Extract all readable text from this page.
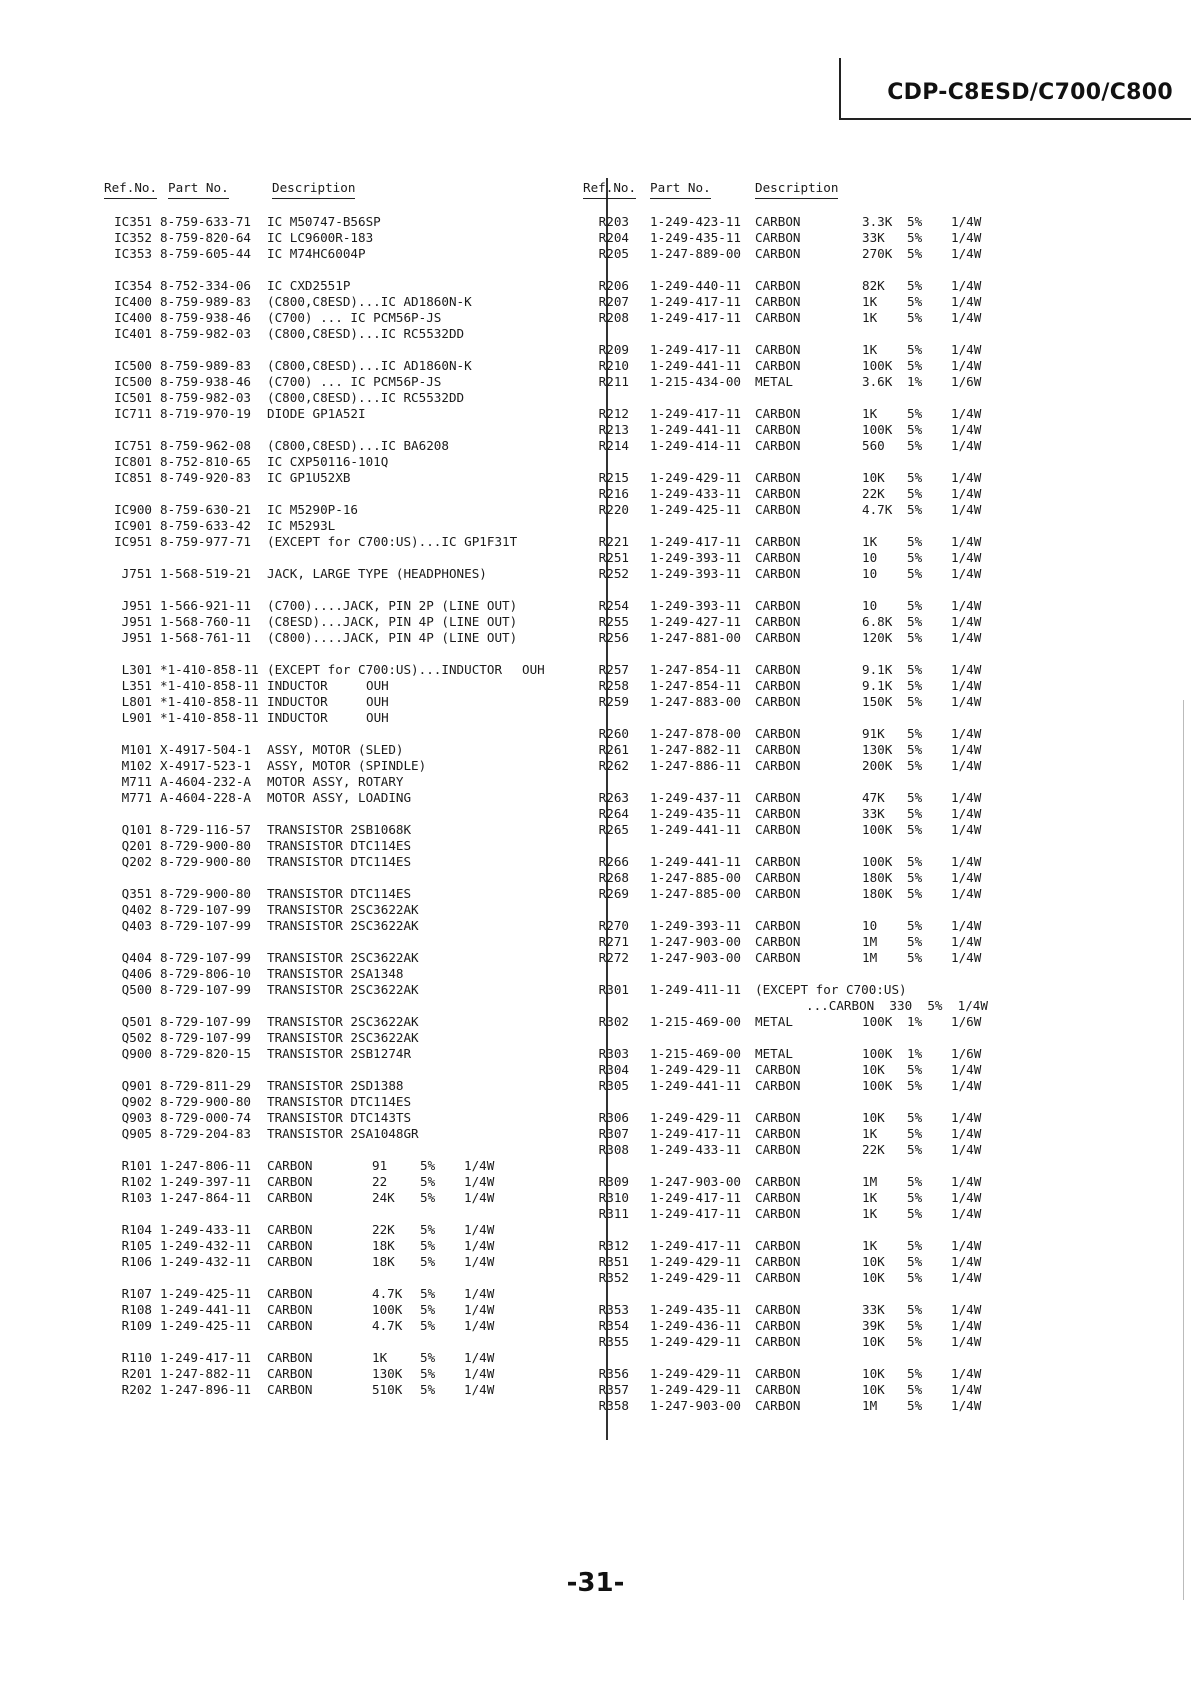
CDP-C8ESD/C700/C800
Ref.No. Part No.	Description
IC351 8-759-633-71 IC M50747-B56SP
IC352 8-759-820-64 IC LC9600R-183
IC353 8-759-605-44 IC M74HC6004P
IC354 8-752-334-06 IC CXD2551P
IC400 8-759-989-83 (C800,C8ESD)...IC AD1860N-K
IC400 8-759-938-46 (C700) ... IC PCM56P-JS
IC401 8-759-982-03 (C800,C8ESD)...IC RC5532DD
IC500 8-759-989-83 (C800,C8ESD)...IC AD1860N-K
IC500 8-759-938-46 (C700) ... IC PCM56P-JS
IC501 8-759-982-03 (C800,C8ESD)...IC RC5532DD
IC711 8-719-970-19 DIODE GP1A52I
IC751 8-759-962-08 (C800,C8ESD)...IC BA6208
IC801 8-752-810-65 IC CXP50116-101Q
IC851 8-749-920-83 IC GP1U52XB
IC900 8-759-630-21 IC M5290P-16
IC901 8-759-633-42 IC M5293L
IC951 8-759-977-71 (EXCEPT for C700:US)...IC GP1F31T
J751 1-568-519-21 JACK, LARGE TYPE (HEADPHONES)
J951 1-566-921-11 (C700)....JACK, PIN 2P (LINE OUT)
J951 1-568-760-11 (C8ESD)...JACK, PIN 4P (LINE OUT)
J951 1-568-761-11 (C800)....JACK, PIN 4P (LINE OUT)
L301 *1-410-858-11 (EXCEPT for C700:US)...INDUCTOR OUH
L351 *1-410-858-11 INDUCTOR	OUH
L801 *1-410-858-11 INDUCTOR	OUH
L901 *1-410-858-11 INDUCTOR	OUH
M101 X-4917-504-1 ASSY, MOTOR (SLED)
M102 X-4917-523-1 ASSY, MOTOR (SPINDLE)
M711 A-4604-232-A MOTOR ASSY, ROTARY
M771 A-4604-228-A MOTOR ASSY, LOADING
Q101 8-729-116-57 TRANSISTOR 2SB1068K
Q201 8-729-900-80 TRANSISTOR DTC114ES
Q202 8-729-900-80 TRANSISTOR DTC114ES
Q351 8-729-900-80 TRANSISTOR DTC114ES
Q402 8-729-107-99 TRANSISTOR 2SC3622AK
Q403 8-729-107-99 TRANSISTOR 2SC3622AK
Q404 8-729-107-99 TRANSISTOR 2SC3622AK
Q406 8-729-806-10 TRANSISTOR 2SA1348
Q500 8-729-107-99 TRANSISTOR 2SC3622AK
Q501 8-729-107-99 TRANSISTOR 2SC3622AK
Q502 8-729-107-99 TRANSISTOR 2SC3622AK
Q900 8-729-820-15 TRANSISTOR 2SB1274R
Q901 8-729-811-29 TRANSISTOR 2SD1388
Q902 8-729-900-80 TRANSISTOR DTC114ES
Q903 8-729-000-74 TRANSISTOR DTC143TS
Q905 8-729-204-83 TRANSISTOR 2SA1048GR
R101 1-247-806-11 CARBON	91	5% 1/4W
R102 1-249-397-11 CARBON	22	5% 1/4W
R103 1-247-864-11 CARBON	24K 5% 1/4W
R104 1-249-433-11 CARBON	22K 5% 1/4W
R105 1-249-432-11 CARBON	18K 5% 1/4W
R106 1-249-432-11 CARBON	18K 5% 1/4W
R107 1-249-425-11 CARBON	4.7K 5% 1/4W
R108 1-249-441-11 CARBON	100K 5% 1/4W
R109 1-249-425-11 CARBON	4.7K 5% 1/4W
R110 1-249-417-11 CARBON	1K	5% 1/4W
R201 1-247-882-11 CARBON	130K 5% 1/4W
R202 1-247-896-11 CARBON	510K 5% 1/4W
Ref.No. Part No.	Description
R203 1-249-423-11 CARBON	3.3K 5% 1/4W
R204 1-249-435-11 CARBON	33K 5% 1/4W
R205 1-247-889-00 CARBON	270K 5% 1/4W
R206 1-249-440-11 CARBON	82K 5% 1/4W
R207 1-249-417-11 CARBON	1K 5% 1/4W
R208 1-249-417-11 CARBON	1K 5% 1/4W
R209 1-249-417-11 CARBON	1K 5% 1/4W
R210 1-249-441-11 CARBON	100K 5% 1/4W
R211 1-215-434-00 METAL	3.6K 1% 1/6W
R212 1-249-417-11 CARBON	1K 5% 1/4W
R213 1-249-441-11 CARBON	100K 5% 1/4W
R214 1-249-414-11 CARBON	560 5% 1/4W
R215 1-249-429-11 CARBON	10K 5% 1/4W
R216 1-249-433-11 CARBON	22K 5% 1/4W
R220 1-249-425-11 CARBON	4.7K 5% 1/4W
R221 1-249-417-11 CARBON	1K 5% 1/4W
R251 1-249-393-11 CARBON	10 5% 1/4W
R252 1-249-393-11 CARBON	10 5% 1/4W
R254 1-249-393-11 CARBON	10 5% 1/4W
R255 1-249-427-11 CARBON	6.8K 5% 1/4W
R256 1-247-881-00 CARBON	120K 5% 1/4W
R257 1-247-854-11 CARBON	9.1K 5% 1/4W
R258 1-247-854-11 CARBON	9.1K 5% 1/4W
R259 1-247-883-00 CARBON	150K 5% 1/4W
R260 1-247-878-00 CARBON	91K 5% 1/4W
R261 1-247-882-11 CARBON	130K 5% 1/4W
R262 1-247-886-11 CARBON	200K 5% 1/4W
R263 1-249-437-11 CARBON	47K 5% 1/4W
R264 1-249-435-11 CARBON	33K 5% 1/4W
R265 1-249-441-11 CARBON	100K 5% 1/4W
R266 1-249-441-11 CARBON	100K 5% 1/4W
R268 1-247-885-00 CARBON	180K 5% 1/4W
R269 1-247-885-00 CARBON	180K 5% 1/4W
R270 1-249-393-11 CARBON	10 5% 1/4W
R271 1-247-903-00 CARBON	1M 5% 1/4W
R272 1-247-903-00 CARBON	1M 5% 1/4W
R301 1-249-411-11 (EXCEPT for C700:US)
...CARBON  330  5%  1/4W
R302 1-215-469-00 METAL	100K 1% 1/6W
R303 1-215-469-00 METAL	100K 1% 1/6W
R304 1-249-429-11 CARBON	10K 5% 1/4W
R305 1-249-441-11 CARBON	100K 5% 1/4W
R306 1-249-429-11 CARBON	10K 5% 1/4W
R307 1-249-417-11 CARBON	1K 5% 1/4W
R308 1-249-433-11 CARBON	22K 5% 1/4W
R309 1-247-903-00 CARBON	1M 5% 1/4W
R310 1-249-417-11 CARBON	1K 5% 1/4W
R311 1-249-417-11 CARBON	1K 5% 1/4W
R312 1-249-417-11 CARBON	1K 5% 1/4W
R351 1-249-429-11 CARBON	10K 5% 1/4W
R352 1-249-429-11 CARBON	10K 5% 1/4W
R353 1-249-435-11 CARBON	33K 5% 1/4W
R354 1-249-436-11 CARBON	39K 5% 1/4W
R355 1-249-429-11 CARBON	10K 5% 1/4W
R356 1-249-429-11 CARBON	10K 5% 1/4W
R357 1-249-429-11 CARBON	10K 5% 1/4W
R358 1-247-903-00 CARBON	1M 5% 1/4W
-31-
